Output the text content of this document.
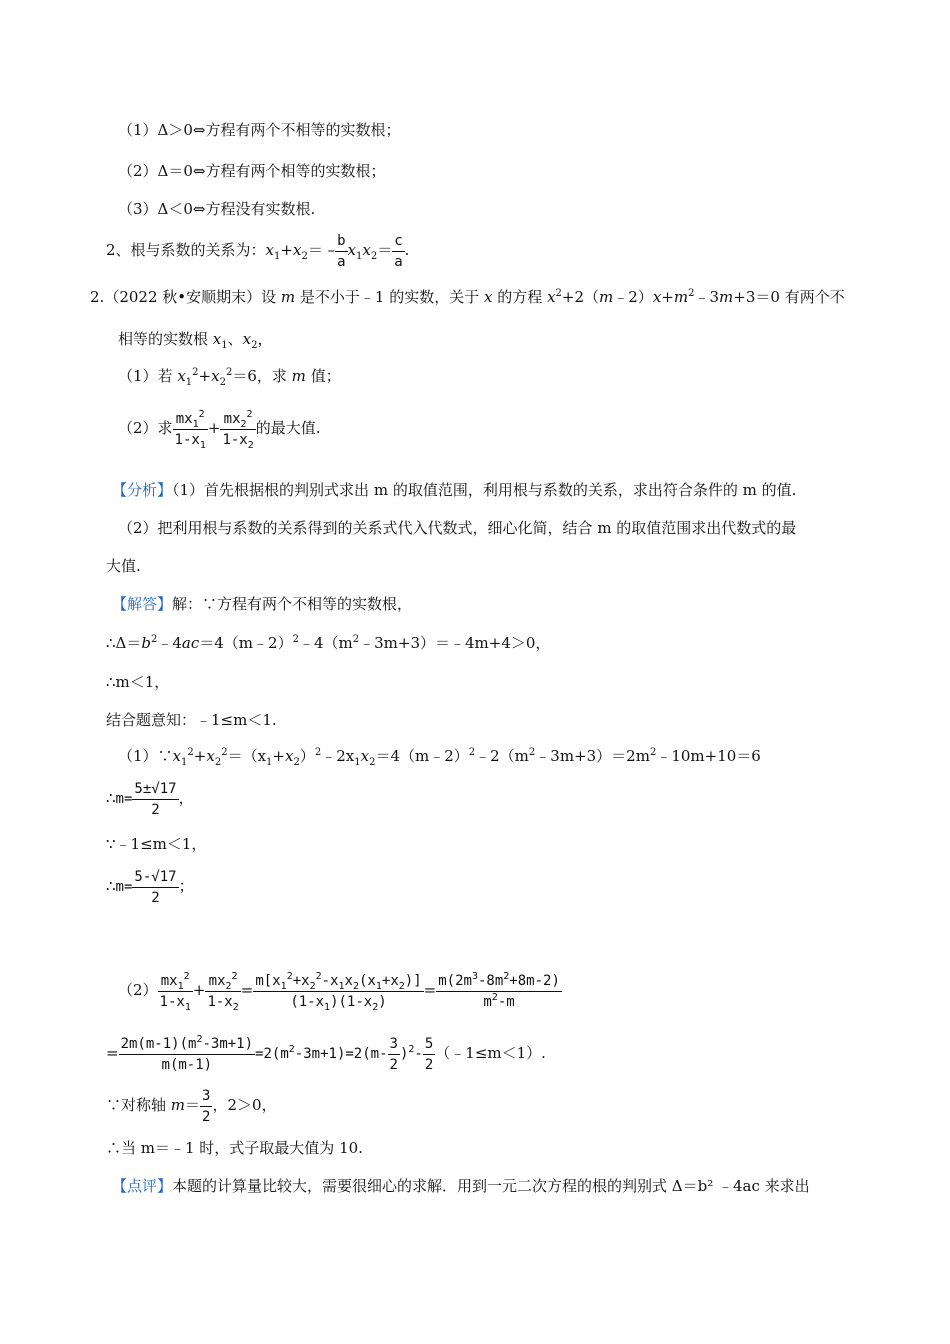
（1）Δ＞0⇔方程有两个不相等的实数根；
（2）Δ＝0⇔方程有两个相等的实数根；
（3）Δ＜0⇔方程没有实数根.
2、根与系数的关系为：$x_1+x_2= - \frac{b}{a} x_1x_2= \frac{c}{a}$ .
2.（2022 秋•安顺期末）设 m 是不小于﹣1 的实数，关于 x 的方程 $x^2+2(m﹣2)x+m^2﹣3m+3=0$ 有两个不
相等的实数根 $x_1$、$x_2$，
（1）若 $x_1^2+x_2^2=6$，求 m 值；
（2）求 $\frac{mx_1^2}{1-x_1} + \frac{mx_2^2}{1-x_2}$ 的最大值.
【分析】（1）首先根据根的判别式求出 m 的取值范围，利用根与系数的关系，求出符合条件的 m 的值.
（2）把利用根与系数的关系得到的关系式代入代数式，细心化简，结合 m 的取值范围求出代数式的最
大值.
【解答】解：∵方程有两个不相等的实数根，
$\therefore\Delta=b^2﹣4ac=4(m﹣2)^2﹣4(m^2﹣3m+3)=﹣4m+4>0$，
∴m＜1，
结合题意知：﹣1≤m＜1.
$(1)\because x_1^2+x_2^2=(x_1+x_2)^2﹣2x_1x_2=4(m﹣2)^2﹣2(m^2﹣3m+3)=2m^2﹣10m+10=6$
∴m= $\frac{5\pm√17}{2}$ ，
∵﹣1≤m＜1，
∴m= $\frac{5-√17}{2}$ ；
$(2) \frac{mx_1^2}{1-x_1} + \frac{mx_2^2}{1-x_2} = \frac{m[x_1^2+x_2^2-x_1x_2(x_1+x_2)]}{(1-x_1)(1-x_2)} = \frac{m(2m^3-8m^2+8m-2)}{m^2-m}$
= $\frac{2m(m-1)(m^2-3m+1)}{m(m-1)} =2(m^2-3m+1)=2(m- \frac{3}{2} )^2- \frac{5}{2}$ （﹣1≤m＜1）.
∵对称轴 $m= \frac{3}{2}$ ，2＞0，
∴当 m＝﹣1 时，式子取最大值为 10.
【点评】本题的计算量比较大，需要很细心的求解．用到一元二次方程的根的判别式 Δ＝b² ﹣4ac 来求出
